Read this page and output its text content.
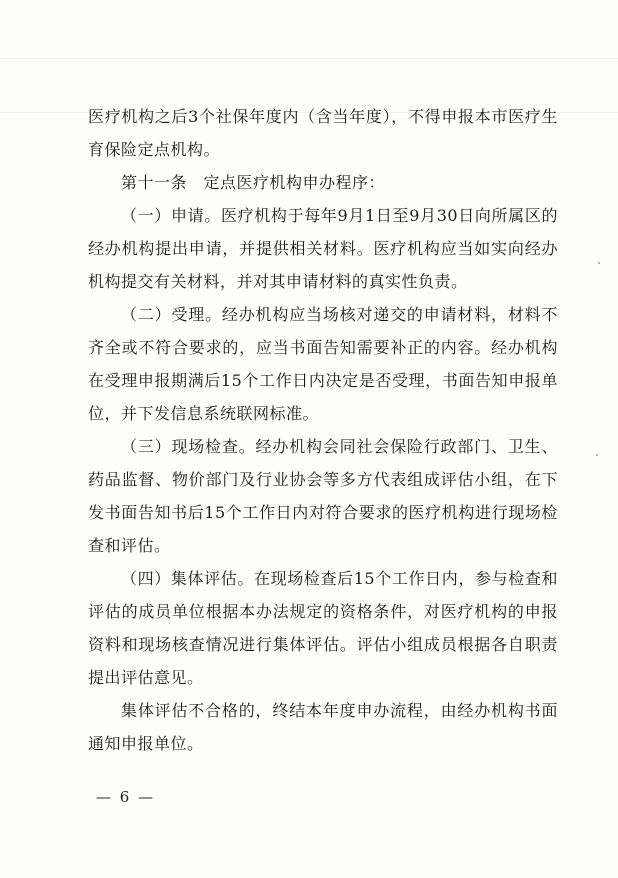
医疗机构之后3个社保年度内（含当年度），不得申报本市医疗生育保险定点机构。

第十一条　定点医疗机构申办程序：

（一）申请。医疗机构于每年9月1日至9月30日向所属区的经办机构提出申请，并提供相关材料。医疗机构应当如实向经办机构提交有关材料，并对其申请材料的真实性负责。

（二）受理。经办机构应当场核对递交的申请材料，材料不齐全或不符合要求的，应当书面告知需要补正的内容。经办机构在受理申报期满后15个工作日内决定是否受理，书面告知申报单位，并下发信息系统联网标准。

（三）现场检查。经办机构会同社会保险行政部门、卫生、药品监督、物价部门及行业协会等多方代表组成评估小组，在下发书面告知书后15个工作日内对符合要求的医疗机构进行现场检查和评估。

（四）集体评估。在现场检查后15个工作日内，参与检查和评估的成员单位根据本办法规定的资格条件，对医疗机构的申报资料和现场核查情况进行集体评估。评估小组成员根据各自职责提出评估意见。

集体评估不合格的，终结本年度申办流程，由经办机构书面通知申报单位。

— 6 —
